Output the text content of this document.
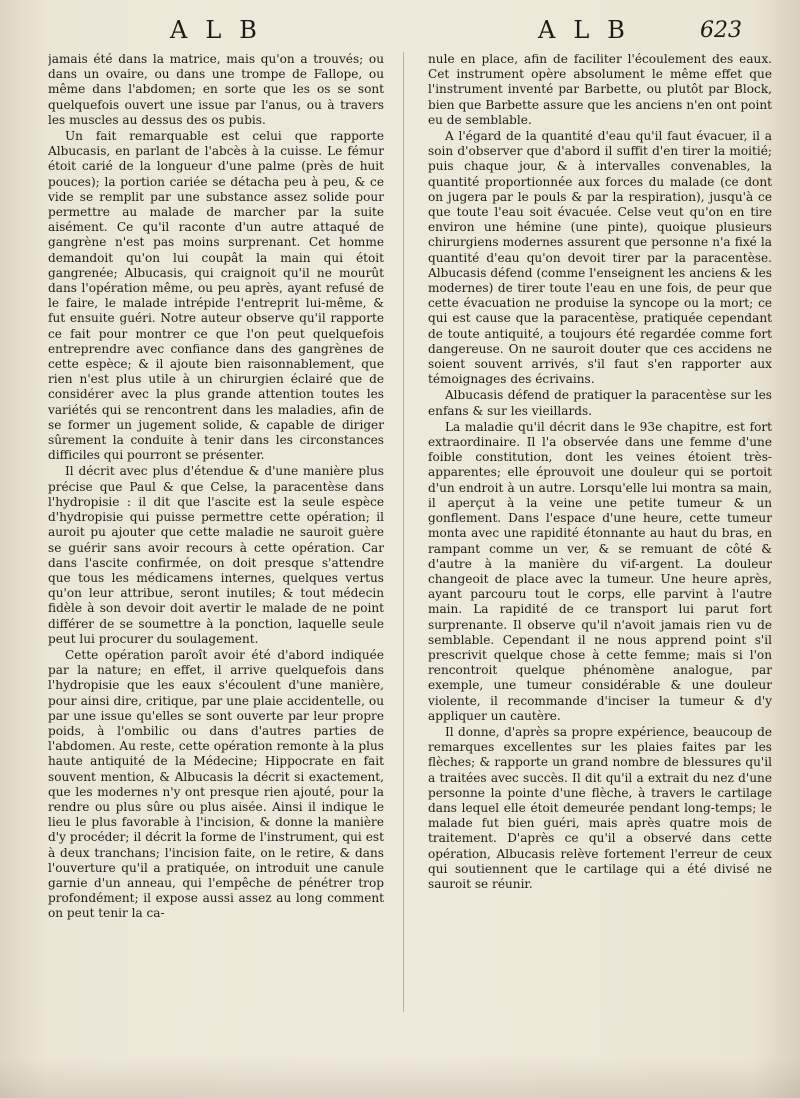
ALB	ALB	623

jamais été dans la matrice, mais qu'on a trouvés; ou dans un ovaire, ou dans une trompe de Fallope, ou même dans l'abdomen; en sorte que les os se sont quelquefois ouvert une issue par l'anus, ou à travers les muscles au dessus des os pubis.

Un fait remarquable est celui que rapporte Albucasis, en parlant de l'abcès à la cuisse. Le fémur étoit carié de la longueur d'une palme (près de huit pouces); la portion cariée se détacha peu à peu, & ce vide se remplit par une substance assez solide pour permettre au malade de marcher par la suite aisément. Ce qu'il raconte d'un autre attaqué de gangrène n'est pas moins surprenant. Cet homme demandoit qu'on lui coupât la main qui étoit gangrenée; Albucasis, qui craignoit qu'il ne mourût dans l'opération même, ou peu après, ayant refusé de le faire, le malade intrépide l'entreprit lui-même, & fut ensuite guéri. Notre auteur observe qu'il rapporte ce fait pour montrer ce que l'on peut quelquefois entreprendre avec confiance dans des gangrènes de cette espèce; & il ajoute bien raisonnablement, que rien n'est plus utile à un chirurgien éclairé que de considérer avec la plus grande attention toutes les variétés qui se rencontrent dans les maladies, afin de se former un jugement solide, & capable de diriger sûrement la conduite à tenir dans les circonstances difficiles qui pourront se présenter.

Il décrit avec plus d'étendue & d'une manière plus précise que Paul & que Celse, la paracentèse dans l'hydropisie : il dit que l'ascite est la seule espèce d'hydropisie qui puisse permettre cette opération; il auroit pu ajouter que cette maladie ne sauroit guère se guérir sans avoir recours à cette opération. Car dans l'ascite confirmée, on doit presque s'attendre que tous les médicamens internes, quelques vertus qu'on leur attribue, seront inutiles; & tout médecin fidèle à son devoir doit avertir le malade de ne point différer de se soumettre à la ponction, laquelle seule peut lui procurer du soulagement.

Cette opération paroît avoir été d'abord indiquée par la nature; en effet, il arrive quelquefois dans l'hydropisie que les eaux s'écoulent d'une manière, pour ainsi dire, critique, par une plaie accidentelle, ou par une issue qu'elles se sont ouverte par leur propre poids, à l'ombilic ou dans d'autres parties de l'abdomen. Au reste, cette opération remonte à la plus haute antiquité de la Médecine; Hippocrate en fait souvent mention, & Albucasis la décrit si exactement, que les modernes n'y ont presque rien ajouté, pour la rendre ou plus sûre ou plus aisée. Ainsi il indique le lieu le plus favorable à l'incision, & donne la manière d'y procéder; il décrit la forme de l'instrument, qui est à deux tranchans; l'incision faite, on le retire, & dans l'ouverture qu'il a pratiquée, on introduit une canule garnie d'un anneau, qui l'empêche de pénétrer trop profondément; il expose aussi assez au long comment on peut tenir la ca-

nule en place, afin de faciliter l'écoulement des eaux. Cet instrument opère absolument le même effet que l'instrument inventé par Barbette, ou plutôt par Block, bien que Barbette assure que les anciens n'en ont point eu de semblable.

A l'égard de la quantité d'eau qu'il faut évacuer, il a soin d'observer que d'abord il suffit d'en tirer la moitié; puis chaque jour, & à intervalles convenables, la quantité proportionnée aux forces du malade (ce dont on jugera par le pouls & par la respiration), jusqu'à ce que toute l'eau soit évacuée. Celse veut qu'on en tire environ une hémine (une pinte), quoique plusieurs chirurgiens modernes assurent que personne n'a fixé la quantité d'eau qu'on devoit tirer par la paracentèse. Albucasis défend (comme l'enseignent les anciens & les modernes) de tirer toute l'eau en une fois, de peur que cette évacuation ne produise la syncope ou la mort; ce qui est cause que la paracentèse, pratiquée cependant de toute antiquité, a toujours été regardée comme fort dangereuse. On ne sauroit douter que ces accidens ne soient souvent arrivés, s'il faut s'en rapporter aux témoignages des écrivains.

Albucasis défend de pratiquer la paracentèse sur les enfans & sur les vieillards.

La maladie qu'il décrit dans le 93e chapitre, est fort extraordinaire. Il l'a observée dans une femme d'une foible constitution, dont les veines étoient très-apparentes; elle éprouvoit une douleur qui se portoit d'un endroit à un autre. Lorsqu'elle lui montra sa main, il aperçut à la veine une petite tumeur & un gonflement. Dans l'espace d'une heure, cette tumeur monta avec une rapidité étonnante au haut du bras, en rampant comme un ver, & se remuant de côté & d'autre à la manière du vif-argent. La douleur changeoit de place avec la tumeur. Une heure après, ayant parcouru tout le corps, elle parvint à l'autre main. La rapidité de ce transport lui parut fort surprenante. Il observe qu'il n'avoit jamais rien vu de semblable. Cependant il ne nous apprend point s'il prescrivit quelque chose à cette femme; mais si l'on rencontroit quelque phénomène analogue, par exemple, une tumeur considérable & une douleur violente, il recommande d'inciser la tumeur & d'y appliquer un cautère.

Il donne, d'après sa propre expérience, beaucoup de remarques excellentes sur les plaies faites par les flèches; & rapporte un grand nombre de blessures qu'il a traitées avec succès. Il dit qu'il a extrait du nez d'une personne la pointe d'une flèche, à travers le cartilage dans lequel elle étoit demeurée pendant long-temps; le malade fut bien guéri, mais après quatre mois de traitement. D'après ce qu'il a observé dans cette opération, Albucasis relève fortement l'erreur de ceux qui soutiennent que le cartilage qui a été divisé ne sauroit se réunir.
